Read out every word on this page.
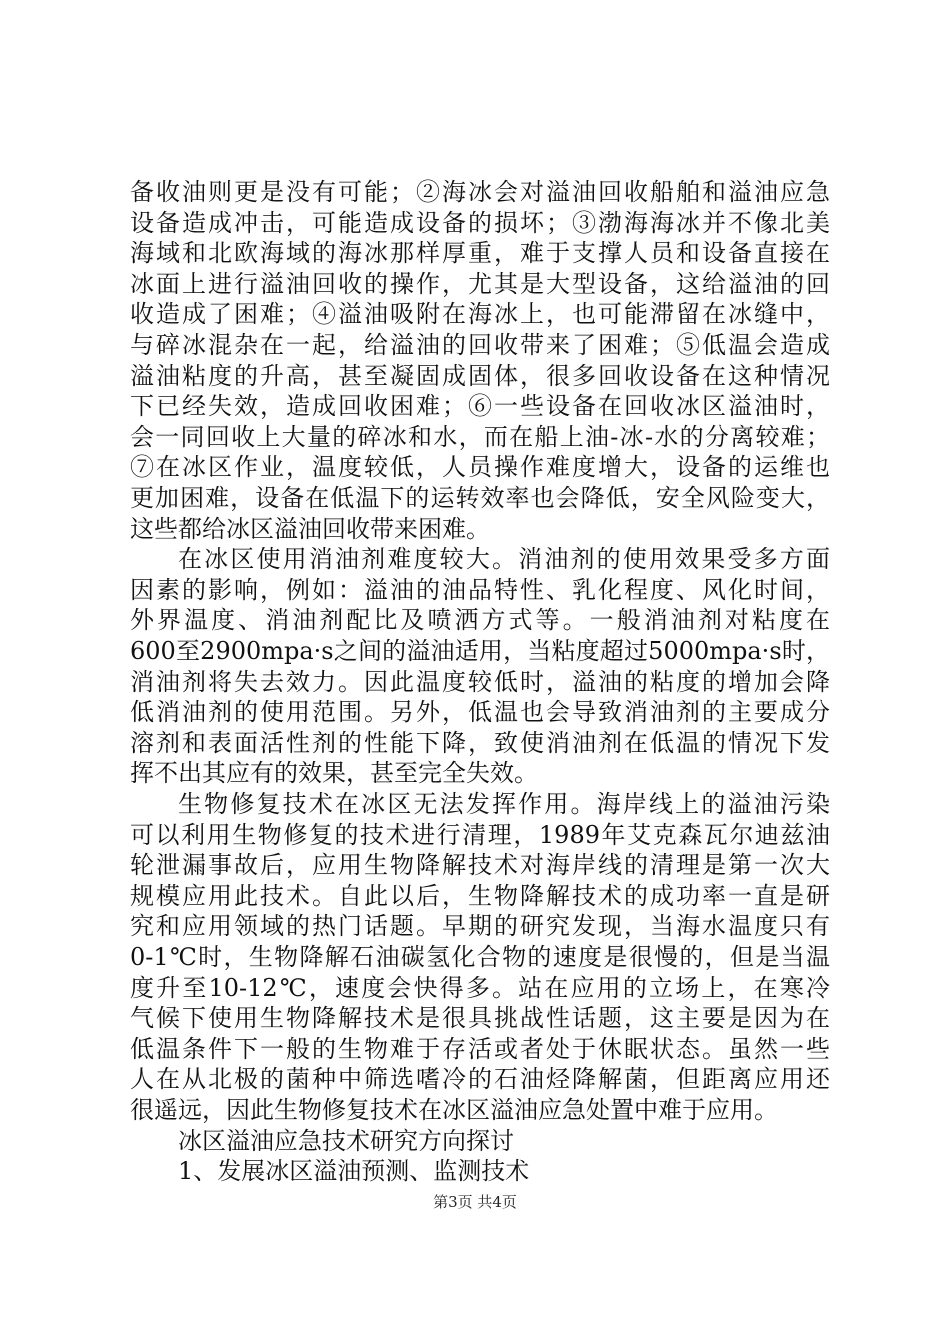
备收油则更是没有可能；②海冰会对溢油回收船舶和溢油应急
设备造成冲击，可能造成设备的损坏；③渤海海冰并不像北美
海域和北欧海域的海冰那样厚重，难于支撑人员和设备直接在
冰面上进行溢油回收的操作，尤其是大型设备，这给溢油的回
收造成了困难；④溢油吸附在海冰上，也可能滞留在冰缝中，
与碎冰混杂在一起，给溢油的回收带来了困难；⑤低温会造成
溢油粘度的升高，甚至凝固成固体，很多回收设备在这种情况
下已经失效，造成回收困难；⑥一些设备在回收冰区溢油时，
会一同回收上大量的碎冰和水，而在船上油-冰-水的分离较难；
⑦在冰区作业，温度较低，人员操作难度增大，设备的运维也
更加困难，设备在低温下的运转效率也会降低，安全风险变大，
这些都给冰区溢油回收带来困难。
在冰区使用消油剂难度较大。消油剂的使用效果受多方面
因素的影响，例如：溢油的油品特性、乳化程度、风化时间，
外界温度、消油剂配比及喷洒方式等。一般消油剂对粘度在
600至2900mpa·s之间的溢油适用，当粘度超过5000mpa·s时，
消油剂将失去效力。因此温度较低时，溢油的粘度的增加会降
低消油剂的使用范围。另外，低温也会导致消油剂的主要成分
溶剂和表面活性剂的性能下降，致使消油剂在低温的情况下发
挥不出其应有的效果，甚至完全失效。
生物修复技术在冰区无法发挥作用。海岸线上的溢油污染
可以利用生物修复的技术进行清理，1989年艾克森瓦尔迪兹油
轮泄漏事故后，应用生物降解技术对海岸线的清理是第一次大
规模应用此技术。自此以后，生物降解技术的成功率一直是研
究和应用领域的热门话题。早期的研究发现，当海水温度只有
0-1℃时，生物降解石油碳氢化合物的速度是很慢的，但是当温
度升至10-12℃，速度会快得多。站在应用的立场上，在寒冷
气候下使用生物降解技术是很具挑战性话题，这主要是因为在
低温条件下一般的生物难于存活或者处于休眠状态。虽然一些
人在从北极的菌种中筛选嗜冷的石油烃降解菌，但距离应用还
很遥远，因此生物修复技术在冰区溢油应急处置中难于应用。
冰区溢油应急技术研究方向探讨
1、发展冰区溢油预测、监测技术
第3页 共4页
